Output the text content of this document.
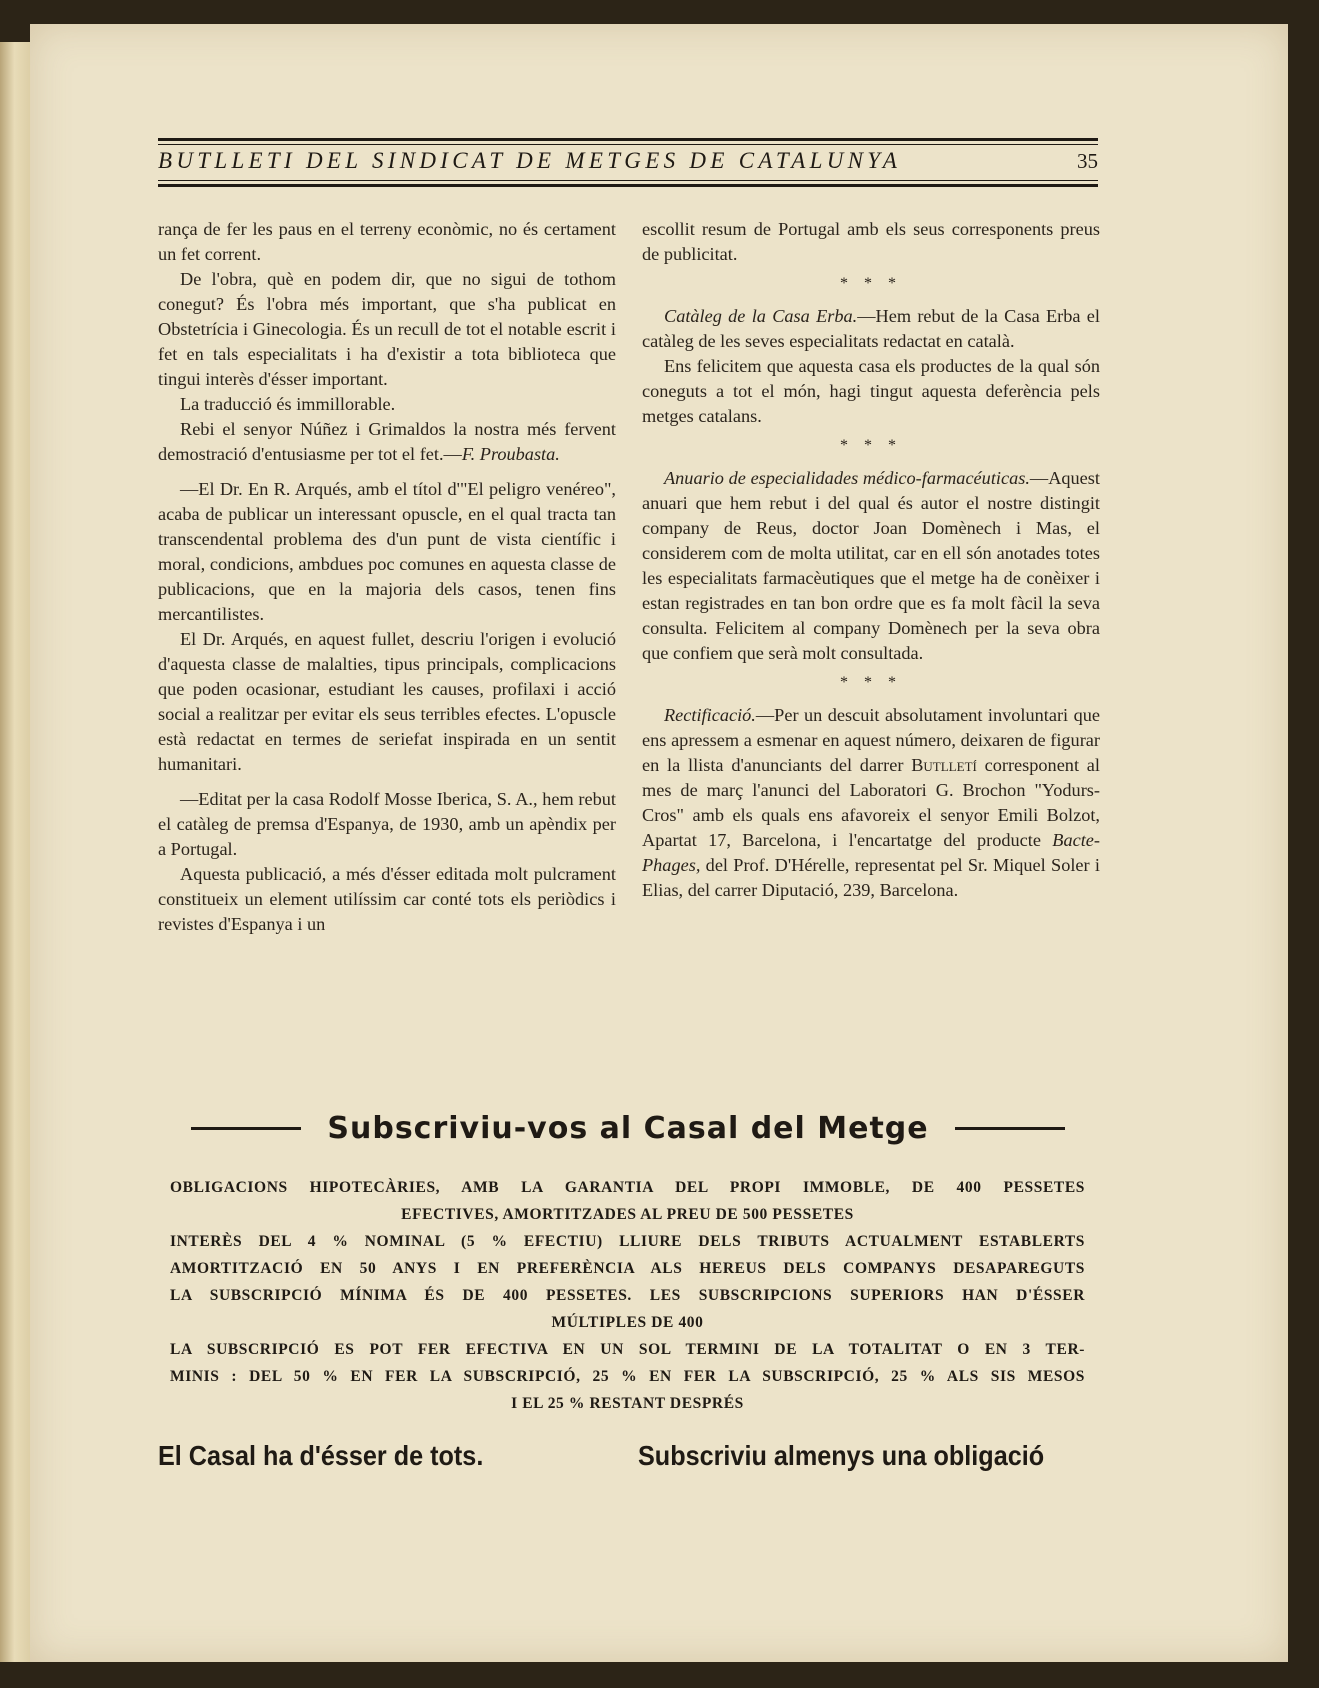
BUTLLETI DEL SINDICAT DE METGES DE CATALUNYA	35

rança de fer les paus en el terreny econòmic, no és certament un fet corrent.

De l'obra, què en podem dir, que no sigui de tothom conegut? És l'obra més important, que s'ha publicat en Obstetrícia i Ginecologia. És un recull de tot el notable escrit i fet en tals especialitats i ha d'existir a tota biblioteca que tingui interès d'ésser important.

La traducció és immillorable.

Rebi el senyor Núñez i Grimaldos la nostra més fervent demostració d'entusiasme per tot el fet.—F. Proubasta.

—El Dr. En R. Arqués, amb el títol d'"El peligro venéreo", acaba de publicar un interessant opuscle, en el qual tracta tan transcendental problema des d'un punt de vista científic i moral, condicions, ambdues poc comunes en aquesta classe de publicacions, que en la majoria dels casos, tenen fins mercantilistes.

El Dr. Arqués, en aquest fullet, descriu l'origen i evolució d'aquesta classe de malalties, tipus principals, complicacions que poden ocasionar, estudiant les causes, profilaxi i acció social a realitzar per evitar els seus terribles efectes. L'opuscle està redactat en termes de seriefat inspirada en un sentit humanitari.

—Editat per la casa Rodolf Mosse Iberica, S. A., hem rebut el catàleg de premsa d'Espanya, de 1930, amb un apèndix per a Portugal.

Aquesta publicació, a més d'ésser editada molt pulcrament constitueix un element utilíssim car conté tots els periòdics i revistes d'Espanya i un

escollit resum de Portugal amb els seus corresponents preus de publicitat.

* * *

Catàleg de la Casa Erba.—Hem rebut de la Casa Erba el catàleg de les seves especialitats redactat en català.

Ens felicitem que aquesta casa els productes de la qual són coneguts a tot el món, hagi tingut aquesta deferència pels metges catalans.

* * *

Anuario de especialidades médico-farmacéuticas.—Aquest anuari que hem rebut i del qual és autor el nostre distingit company de Reus, doctor Joan Domènech i Mas, el considerem com de molta utilitat, car en ell són anotades totes les especialitats farmacèutiques que el metge ha de conèixer i estan registrades en tan bon ordre que es fa molt fàcil la seva consulta. Felicitem al company Domènech per la seva obra que confiem que serà molt consultada.

* * *

Rectificació.—Per un descuit absolutament involuntari que ens apressem a esmenar en aquest número, deixaren de figurar en la llista d'anunciants del darrer Butlletí corresponent al mes de març l'anunci del Laboratori G. Brochon "Yodurs-Cros" amb els quals ens afavoreix el senyor Emili Bolzot, Apartat 17, Barcelona, i l'encartatge del producte Bacte-Phages, del Prof. D'Hérelle, representat pel Sr. Miquel Soler i Elias, del carrer Diputació, 239, Barcelona.

Subscriviu-vos al Casal del Metge
OBLIGACIONS HIPOTECÀRIES, AMB LA GARANTIA DEL PROPI IMMOBLE, DE 400 PESSETES
EFECTIVES, AMORTITZADES AL PREU DE 500 PESSETES
INTERÈS DEL 4 % NOMINAL (5 % EFECTIU) LLIURE DELS TRIBUTS ACTUALMENT ESTABLERTS
AMORTITZACIÓ EN 50 ANYS I EN PREFERÈNCIA ALS HEREUS DELS COMPANYS DESAPAREGUTS
LA SUBSCRIPCIÓ MÍNIMA ÉS DE 400 PESSETES. LES SUBSCRIPCIONS SUPERIORS HAN D'ÉSSER
MÚLTIPLES DE 400
LA SUBSCRIPCIÓ ES POT FER EFECTIVA EN UN SOL TERMINI DE LA TOTALITAT O EN 3 TER-
MINIS : DEL 50 % EN FER LA SUBSCRIPCIÓ, 25 % EN FER LA SUBSCRIPCIÓ, 25 % ALS SIS MESOS
I EL 25 % RESTANT DESPRÉS
El Casal ha d'ésser de tots.	Subscriviu almenys una obligació
